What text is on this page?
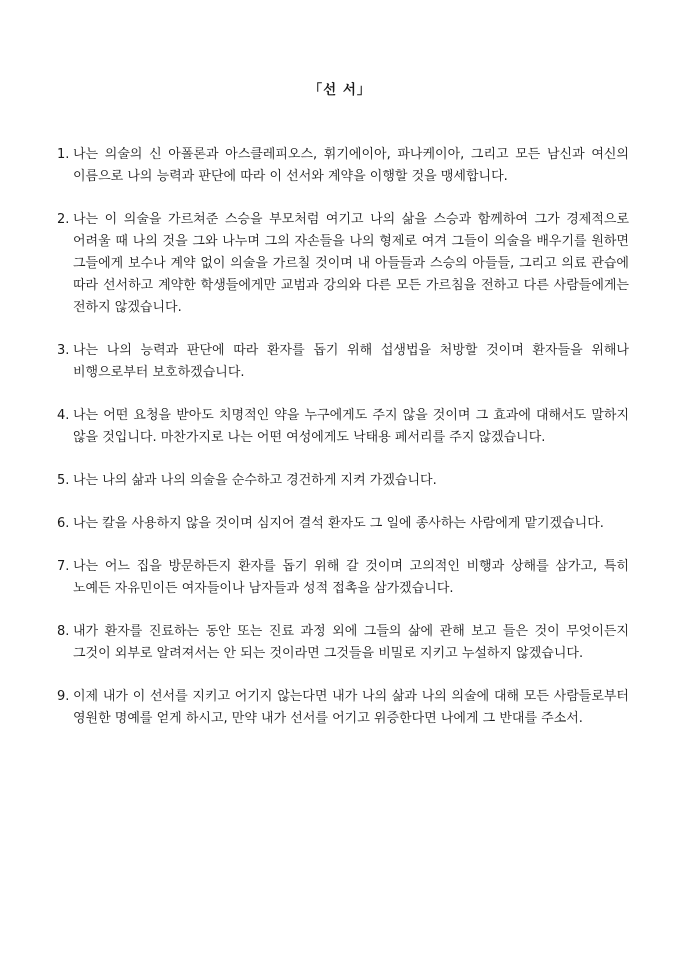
「선 서」
1. 나는 의술의 신 아폴론과 아스클레피오스, 휘기에이아, 파나케이아, 그리고 모든 남신과 여신의 이름으로 나의 능력과 판단에 따라 이 선서와 계약을 이행할 것을 맹세합니다.
2. 나는 이 의술을 가르쳐준 스승을 부모처럼 여기고 나의 삶을 스승과 함께하여 그가 경제적으로 어려울 때 나의 것을 그와 나누며 그의 자손들을 나의 형제로 여겨 그들이 의술을 배우기를 원하면 그들에게 보수나 계약 없이 의술을 가르칠 것이며 내 아들들과 스승의 아들들, 그리고 의료 관습에 따라 선서하고 계약한 학생들에게만 교범과 강의와 다른 모든 가르침을 전하고 다른 사람들에게는 전하지 않겠습니다.
3. 나는 나의 능력과 판단에 따라 환자를 돕기 위해 섭생법을 처방할 것이며 환자들을 위해나 비행으로부터 보호하겠습니다.
4. 나는 어떤 요청을 받아도 치명적인 약을 누구에게도 주지 않을 것이며 그 효과에 대해서도 말하지 않을 것입니다. 마찬가지로 나는 어떤 여성에게도 낙태용 페서리를 주지 않겠습니다.
5. 나는 나의 삶과 나의 의술을 순수하고 경건하게 지켜 가겠습니다.
6. 나는 칼을 사용하지 않을 것이며 심지어 결석 환자도 그 일에 종사하는 사람에게 맡기겠습니다.
7. 나는 어느 집을 방문하든지 환자를 돕기 위해 갈 것이며 고의적인 비행과 상해를 삼가고, 특히 노예든 자유민이든 여자들이나 남자들과 성적 접촉을 삼가겠습니다.
8. 내가 환자를 진료하는 동안 또는 진료 과정 외에 그들의 삶에 관해 보고 들은 것이 무엇이든지 그것이 외부로 알려져서는 안 되는 것이라면 그것들을 비밀로 지키고 누설하지 않겠습니다.
9. 이제 내가 이 선서를 지키고 어기지 않는다면 내가 나의 삶과 나의 의술에 대해 모든 사람들로부터 영원한 명예를 얻게 하시고, 만약 내가 선서를 어기고 위증한다면 나에게 그 반대를 주소서.
